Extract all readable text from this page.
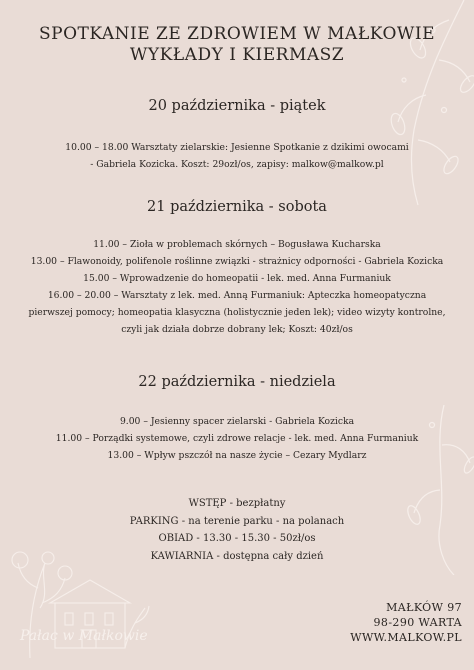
Pałac w Małkowie
SPOTKANIE ZE ZDROWIEM W MAŁKOWIE
WYKŁADY I KIERMASZ
20 października - piątek
10.00 – 18.00 Warsztaty zielarskie: Jesienne Spotkanie z dzikimi owocami
- Gabriela Kozicka. Koszt: 29ozł/os, zapisy: malkow@malkow.pl
21 października - sobota
11.00 – Zioła w problemach skórnych – Bogusława Kucharska
13.00 – Flawonoidy, polifenole roślinne związki - strażnicy odporności - Gabriela Kozicka
15.00 – Wprowadzenie do homeopatii - lek. med. Anna Furmaniuk
16.00 – 20.00 – Warsztaty z lek. med. Anną Furmaniuk: Apteczka homeopatyczna
pierwszej pomocy; homeopatia klasyczna (holistycznie jeden lek); video wizyty kontrolne,
czyli jak działa dobrze dobrany lek; Koszt: 40zł/os
22 października - niedziela
9.00 – Jesienny spacer zielarski - Gabriela Kozicka
11.00 – Porządki systemowe, czyli zdrowe relacje - lek. med. Anna Furmaniuk
13.00 – Wpływ pszczół na nasze życie – Cezary Mydlarz
WSTĘP - bezpłatny
PARKING - na terenie parku - na polanach
OBIAD - 13.30 - 15.30 - 50zł/os
KAWIARNIA - dostępna cały dzień
MAŁKÓW 97
98-290 WARTA
WWW.MALKOW.PL
